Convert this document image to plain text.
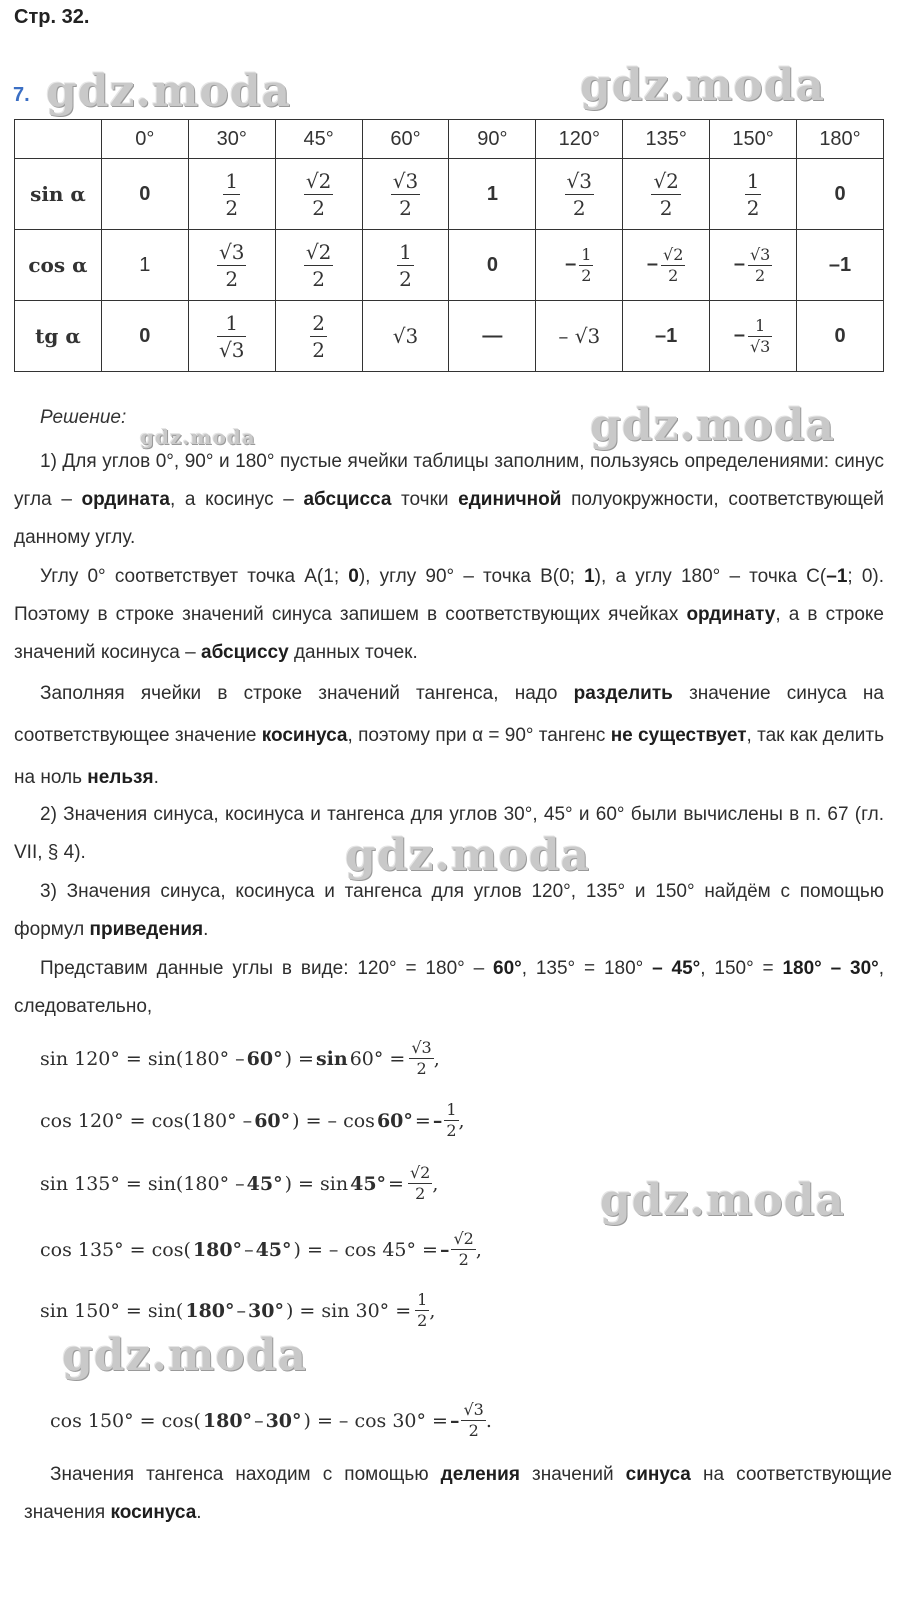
Стр. 32.
7. gdz.moda	gdz.moda
gdz.moda	gdz.moda
gdz.moda
gdz.moda
gdz.moda
	0°	30°	45°	60°	90°	120°	135°	150°	180°
sin α	0	$\frac{1}{2}$	$\frac{√2}{2}$	$\frac{√3}{2}$	1	$\frac{√3}{2}$	$\frac{√2}{2}$	$\frac{1}{2}$	0
cos α	1	$\frac{√3}{2}$	$\frac{√2}{2}$	$\frac{1}{2}$	0	– $\frac{1}{2}$	– $\frac{√2}{2}$	– $\frac{√3}{2}$	–1
tg α	0	$\frac{1}{√3}$	$\frac{2}{2}$	√3	—	– √3	–1	– $\frac{1}{√3}$	0
Решение:
1) Для углов 0°, 90° и 180° пустые ячейки таблицы заполним, пользуясь определениями: синус угла – ордината, а косинус – абсцисса точки единичной полуокружности, соответствующей данному углу.
Углу 0° соответствует точка A(1; 0), углу 90° – точка B(0; 1), а углу 180° – точка C(–1; 0). Поэтому в строке значений синуса запишем в соответствующих ячейках ординату, а в строке значений косинуса – абсциссу данных точек.
Заполняя ячейки в строке значений тангенса, надо разделить значение синуса на соответствующее значение косинуса, поэтому при α = 90° тангенс не существует, так как делить на ноль нельзя.
2) Значения синуса, косинуса и тангенса для углов 30°, 45° и 60° были вычислены в п. 67 (гл. VII, § 4).
3) Значения синуса, косинуса и тангенса для углов 120°, 135° и 150° найдём с помощью формул приведения.
Представим данные углы в виде: 120° = 180° – 60°, 135° = 180° – 45°, 150° = 180° – 30°, следовательно,
sin 120° = sin(180° – 60° ) = $\sin 60^\circ = \frac{√3}{2}$ ,
cos 120° = cos(180° – 60° ) = – cos 60° = – $\frac{1}{2}$ ,
sin 135° = sin(180° – 45° ) = $\sin 45^\circ = \frac{√2}{2}$ ,
cos 135° = cos( 180° – 45° ) = – cos 45° = – $\frac{√2}{2}$ ,
sin 150° = sin( 180° – 30° ) = $\sin 30^\circ = \frac{1}{2}$ ,
cos 150° = cos( 180° – 30° ) = – cos 30° = – $\frac{√3}{2}$ .
Значения тангенса находим с помощью деления значений синуса на соответствующие значения косинуса.
